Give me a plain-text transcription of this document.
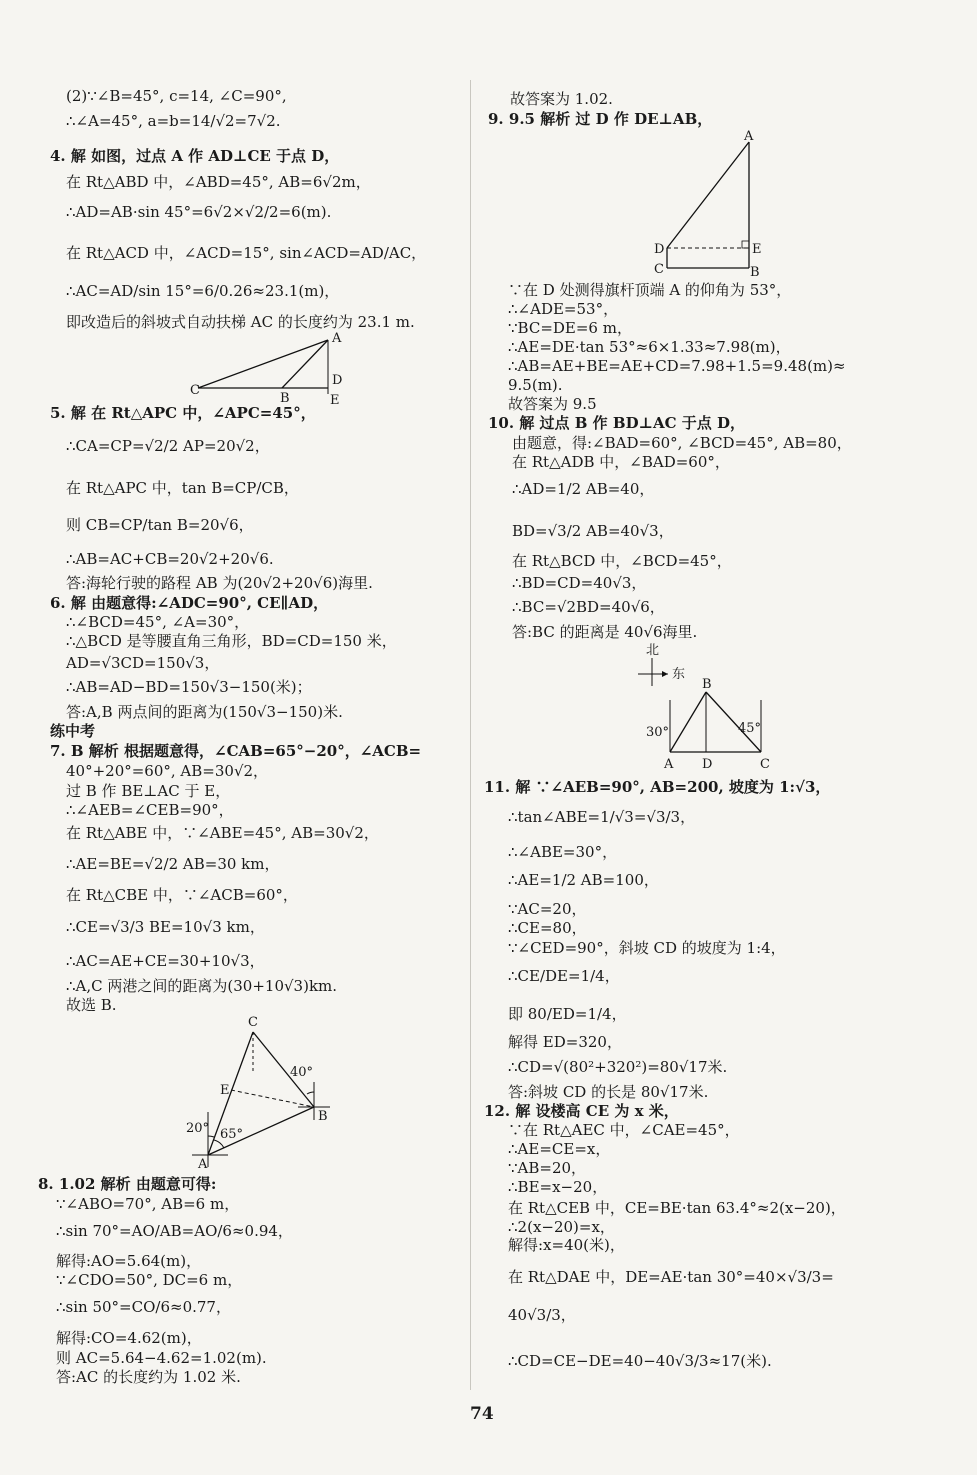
A
C
B
D
E
C
E
A
B
20° 65°
40°
A
D	E
C	B
北
东
B
A D	C
30°	45°
74
(2)∵∠B=45°, c=14, ∠C=90°,
∴∠A=45°, a=b=14/√2=7√2.
4. 解 如图，过点 A 作 AD⊥CE 于点 D，
在 Rt△ABD 中，∠ABD=45°, AB=6√2m，
∴AD=AB·sin 45°=6√2×√2/2=6(m).
在 Rt△ACD 中，∠ACD=15°, sin∠ACD=AD/AC，
∴AC=AD/sin 15°=6/0.26≈23.1(m)，
即改造后的斜坡式自动扶梯 AC 的长度约为 23.1 m.
5. 解 在 Rt△APC 中，∠APC=45°，
∴CA=CP=√2/2 AP=20√2，
在 Rt△APC 中，tan B=CP/CB，
则 CB=CP/tan B=20√6，
∴AB=AC+CB=20√2+20√6.
答:海轮行驶的路程 AB 为(20√2+20√6)海里.
6. 解 由题意得:∠ADC=90°, CE∥AD，
∴∠BCD=45°, ∠A=30°，
∴△BCD 是等腰直角三角形，BD=CD=150 米，
AD=√3CD=150√3，
∴AB=AD−BD=150√3−150(米)；
答:A,B 两点间的距离为(150√3−150)米.
练中考
7. B 解析 根据题意得，∠CAB=65°−20°，∠ACB=
40°+20°=60°, AB=30√2，
过 B 作 BE⊥AC 于 E，
∴∠AEB=∠CEB=90°，
在 Rt△ABE 中，∵∠ABE=45°, AB=30√2，
∴AE=BE=√2/2 AB=30 km，
在 Rt△CBE 中，∵∠ACB=60°，
∴CE=√3/3 BE=10√3 km，
∴AC=AE+CE=30+10√3，
∴A,C 两港之间的距离为(30+10√3)km.
故选 B.
8. 1.02 解析 由题意可得:
∵∠ABO=70°, AB=6 m，
∴sin 70°=AO/AB=AO/6≈0.94，
解得:AO=5.64(m)，
∵∠CDO=50°, DC=6 m，
∴sin 50°=CO/6≈0.77，
解得:CO=4.62(m)，
则 AC=5.64−4.62=1.02(m).
答:AC 的长度约为 1.02 米.
故答案为 1.02.
9. 9.5 解析 过 D 作 DE⊥AB，
∵在 D 处测得旗杆顶端 A 的仰角为 53°，
∴∠ADE=53°，
∵BC=DE=6 m，
∴AE=DE·tan 53°≈6×1.33≈7.98(m)，
∴AB=AE+BE=AE+CD=7.98+1.5=9.48(m)≈
9.5(m).
故答案为 9.5
10. 解 过点 B 作 BD⊥AC 于点 D，
由题意，得:∠BAD=60°, ∠BCD=45°, AB=80，
在 Rt△ADB 中，∠BAD=60°，
∴AD=1/2 AB=40，
BD=√3/2 AB=40√3，
在 Rt△BCD 中，∠BCD=45°，
∴BD=CD=40√3，
∴BC=√2BD=40√6，
答:BC 的距离是 40√6海里.
11. 解 ∵∠AEB=90°, AB=200, 坡度为 1:√3，
∴tan∠ABE=1/√3=√3/3，
∴∠ABE=30°，
∴AE=1/2 AB=100，
∵AC=20，
∴CE=80，
∵∠CED=90°，斜坡 CD 的坡度为 1:4，
∴CE/DE=1/4，
即 80/ED=1/4，
解得 ED=320，
∴CD=√(80²+320²)=80√17米.
答:斜坡 CD 的长是 80√17米.
12. 解 设楼高 CE 为 x 米，
∵在 Rt△AEC 中，∠CAE=45°，
∴AE=CE=x，
∵AB=20，
∴BE=x−20，
在 Rt△CEB 中，CE=BE·tan 63.4°≈2(x−20)，
∴2(x−20)=x，
解得:x=40(米)，
在 Rt△DAE 中，DE=AE·tan 30°=40×√3/3=
40√3/3，
∴CD=CE−DE=40−40√3/3≈17(米).
